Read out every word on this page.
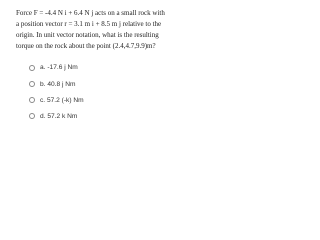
Force F = -4.4 N i + 6.4 N j acts on a small rock with
a position vector r = 3.1 m i + 8.5 m j relative to the
origin. In unit vector notation, what is the resulting
torque on the rock about the point (2.4,4.7,9.9)m?

a. -17.6 j Nm
b. 40.8 j Nm
c. 57.2 (-k) Nm
d. 57.2 k Nm
